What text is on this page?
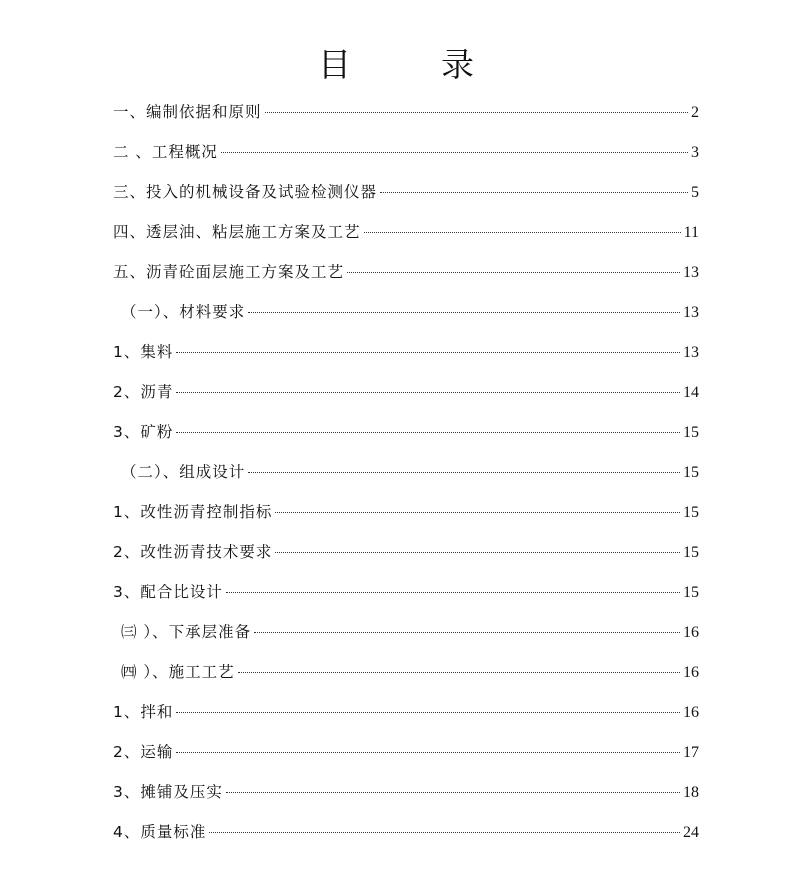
目	录
一、编制依据和原则	2
二 、工程概况	3
三、投入的机械设备及试验检测仪器	5
四、透层油、粘层施工方案及工艺	11
五、沥青砼面层施工方案及工艺	13
（一）、材料要求	13
1、集料	13
2、沥青	14
3、矿粉	15
（二）、组成设计	15
1、改性沥青控制指标	15
2、改性沥青技术要求	15
3、配合比设计	15
㈢ ）、下承层准备	16
㈣ ）、施工工艺	16
1、拌和	16
2、运输	17
3、摊铺及压实	18
4、质量标准	24
